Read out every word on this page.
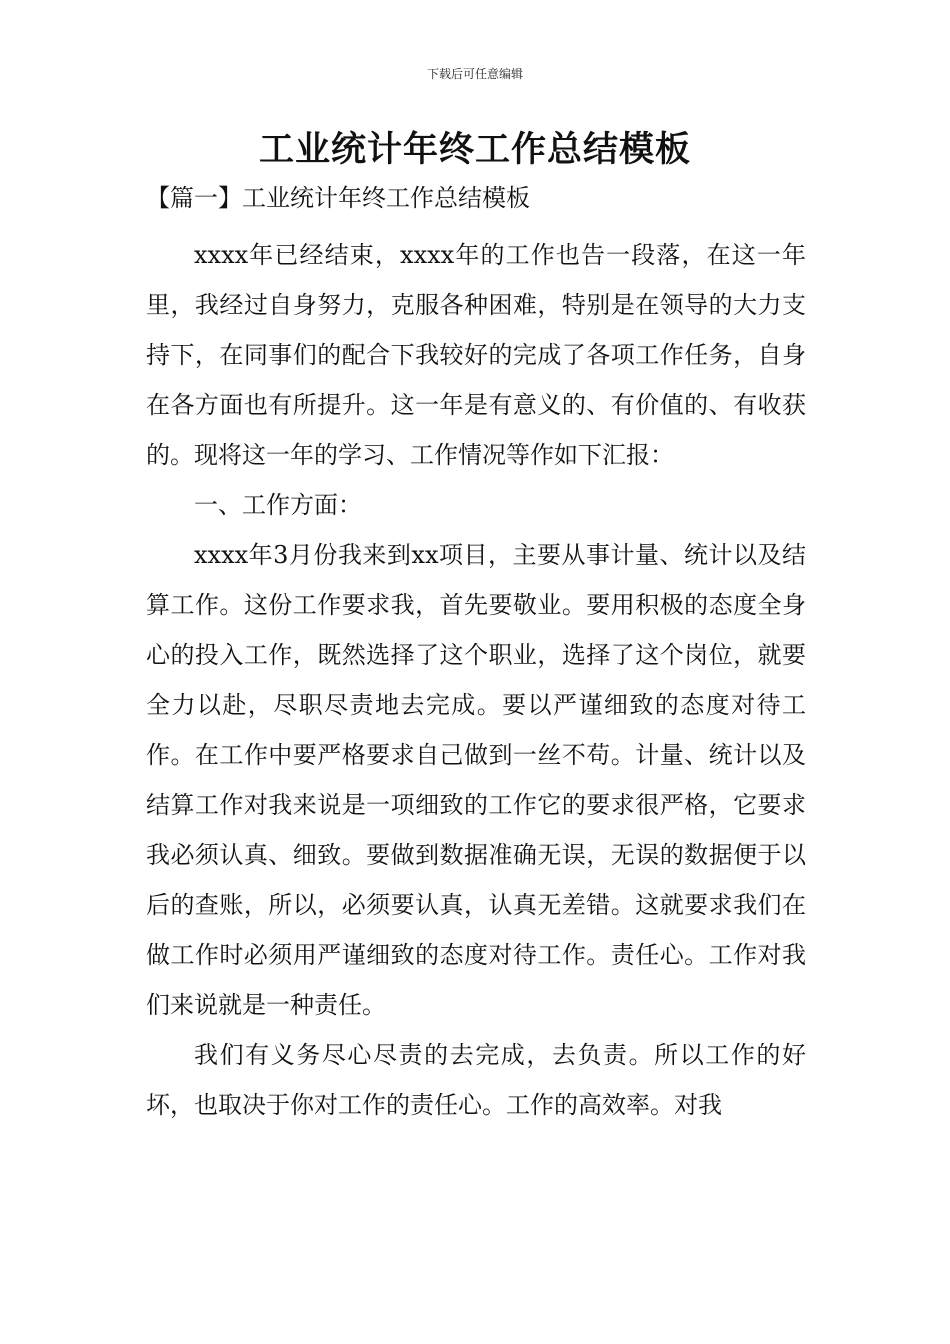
下载后可任意编辑
工业统计年终工作总结模板
【篇一】工业统计年终工作总结模板

xxxx年已经结束，xxxx年的工作也告一段落，在这一年里，我经过自身努力，克服各种困难，特别是在领导的大力支持下，在同事们的配合下我较好的完成了各项工作任务，自身在各方面也有所提升。这一年是有意义的、有价值的、有收获的。现将这一年的学习、工作情况等作如下汇报：

一、工作方面：

xxxx年3月份我来到xx项目，主要从事计量、统计以及结算工作。这份工作要求我，首先要敬业。要用积极的态度全身心的投入工作，既然选择了这个职业，选择了这个岗位，就要全力以赴，尽职尽责地去完成。要以严谨细致的态度对待工作。在工作中要严格要求自己做到一丝不苟。计量、统计以及结算工作对我来说是一项细致的工作它的要求很严格，它要求我必须认真、细致。要做到数据准确无误，无误的数据便于以后的查账，所以，必须要认真，认真无差错。这就要求我们在做工作时必须用严谨细致的态度对待工作。责任心。工作对我们来说就是一种责任。

我们有义务尽心尽责的去完成，去负责。所以工作的好坏，也取决于你对工作的责任心。工作的高效率。对我
